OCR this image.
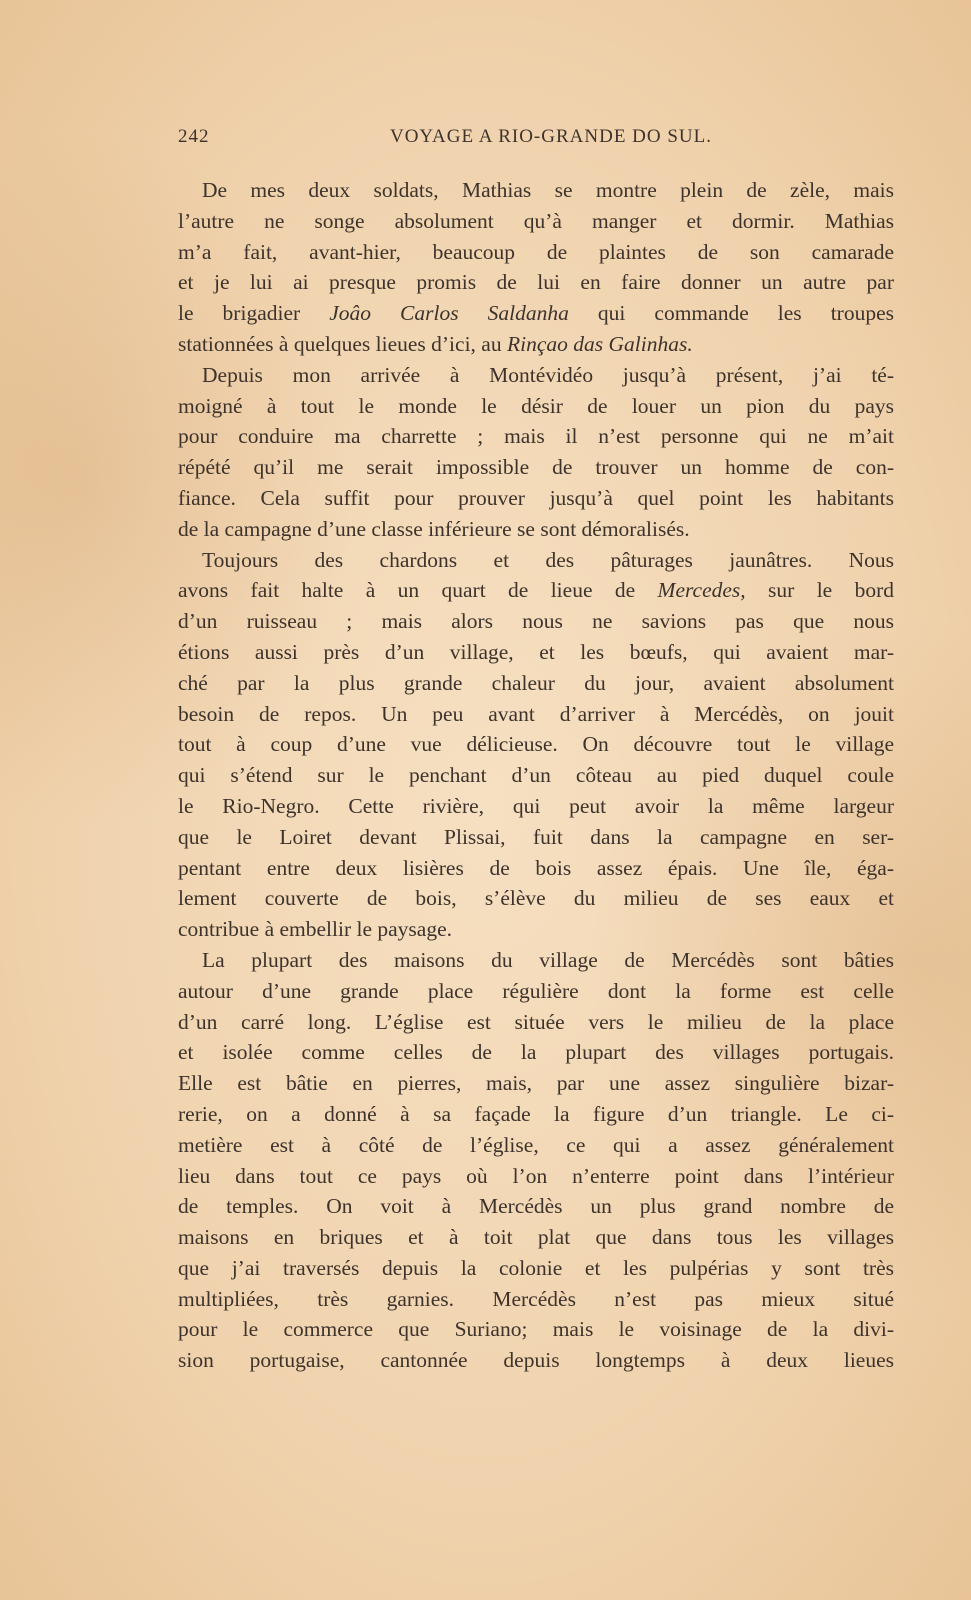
242	VOYAGE A RIO-GRANDE DO SUL.
De mes deux soldats, Mathias se montre plein de zèle, mais
l’autre ne songe absolument qu’à manger et dormir. Mathias
m’a fait, avant-hier, beaucoup de plaintes de son camarade
et je lui ai presque promis de lui en faire donner un autre par
le brigadier Joâo Carlos Saldanha qui commande les troupes
stationnées à quelques lieues d’ici, au Rinçao das Galinhas.
Depuis mon arrivée à Montévidéo jusqu’à présent, j’ai té-
moigné à tout le monde le désir de louer un pion du pays
pour conduire ma charrette ; mais il n’est personne qui ne m’ait
répété qu’il me serait impossible de trouver un homme de con-
fiance. Cela suffit pour prouver jusqu’à quel point les habitants
de la campagne d’une classe inférieure se sont démoralisés.
Toujours des chardons et des pâturages jaunâtres. Nous
avons fait halte à un quart de lieue de Mercedes, sur le bord
d’un ruisseau ; mais alors nous ne savions pas que nous
étions aussi près d’un village, et les bœufs, qui avaient mar-
ché par la plus grande chaleur du jour, avaient absolument
besoin de repos. Un peu avant d’arriver à Mercédès, on jouit
tout à coup d’une vue délicieuse. On découvre tout le village
qui s’étend sur le penchant d’un côteau au pied duquel coule
le Rio-Negro. Cette rivière, qui peut avoir la même largeur
que le Loiret devant Plissai, fuit dans la campagne en ser-
pentant entre deux lisières de bois assez épais. Une île, éga-
lement couverte de bois, s’élève du milieu de ses eaux et
contribue à embellir le paysage.
La plupart des maisons du village de Mercédès sont bâties
autour d’une grande place régulière dont la forme est celle
d’un carré long. L’église est située vers le milieu de la place
et isolée comme celles de la plupart des villages portugais.
Elle est bâtie en pierres, mais, par une assez singulière bizar-
rerie, on a donné à sa façade la figure d’un triangle. Le ci-
metière est à côté de l’église, ce qui a assez généralement
lieu dans tout ce pays où l’on n’enterre point dans l’intérieur
de temples. On voit à Mercédès un plus grand nombre de
maisons en briques et à toit plat que dans tous les villages
que j’ai traversés depuis la colonie et les pulpérias y sont très
multipliées, très garnies. Mercédès n’est pas mieux situé
pour le commerce que Suriano; mais le voisinage de la divi-
sion portugaise, cantonnée depuis longtemps à deux lieues
